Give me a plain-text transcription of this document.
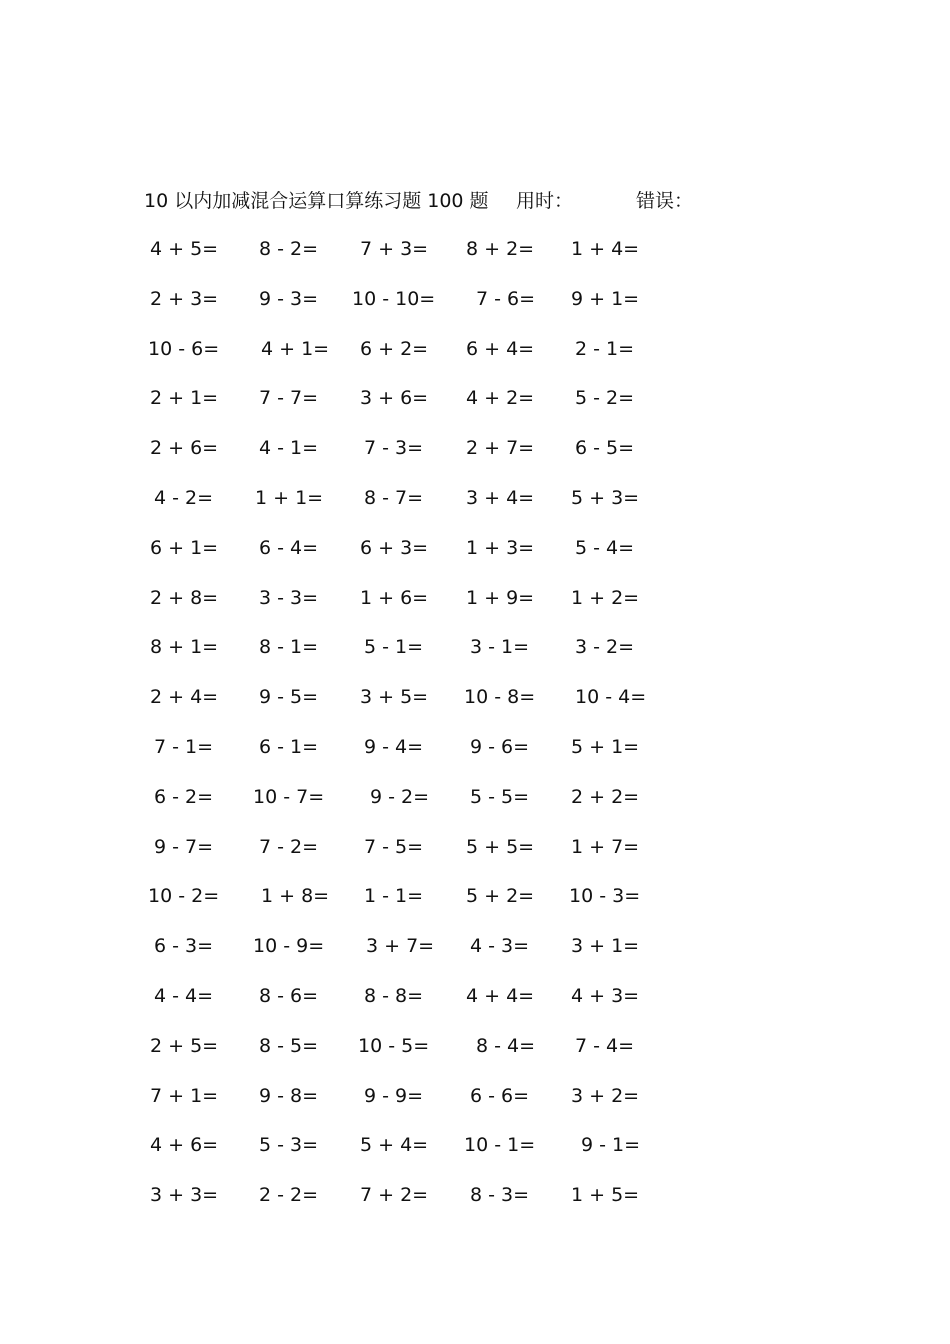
10 以内加减混合运算口算练习题 100 题 用时：	错误：
4 + 5= 8 - 2= 7 + 3= 8 + 2= 1 + 4=
2 + 3= 9 - 3= 10 - 10= 7 - 6= 9 + 1=
10 - 6= 4 + 1= 6 + 2= 6 + 4= 2 - 1=
2 + 1= 7 - 7= 3 + 6= 4 + 2= 5 - 2=
2 + 6= 4 - 1= 7 - 3= 2 + 7= 6 - 5=
4 - 2= 1 + 1= 8 - 7= 3 + 4= 5 + 3=
6 + 1= 6 - 4= 6 + 3= 1 + 3= 5 - 4=
2 + 8= 3 - 3= 1 + 6= 1 + 9= 1 + 2=
8 + 1= 8 - 1= 5 - 1= 3 - 1= 3 - 2=
2 + 4= 9 - 5= 3 + 5= 10 - 8= 10 - 4=
7 - 1= 6 - 1= 9 - 4= 9 - 6= 5 + 1=
6 - 2= 10 - 7= 9 - 2= 5 - 5= 2 + 2=
9 - 7= 7 - 2= 7 - 5= 5 + 5= 1 + 7=
10 - 2= 1 + 8= 1 - 1= 5 + 2= 10 - 3=
6 - 3= 10 - 9= 3 + 7= 4 - 3= 3 + 1=
4 - 4= 8 - 6= 8 - 8= 4 + 4= 4 + 3=
2 + 5= 8 - 5= 10 - 5= 8 - 4= 7 - 4=
7 + 1= 9 - 8= 9 - 9= 6 - 6= 3 + 2=
4 + 6= 5 - 3= 5 + 4= 10 - 1= 9 - 1=
3 + 3= 2 - 2= 7 + 2= 8 - 3= 1 + 5=
